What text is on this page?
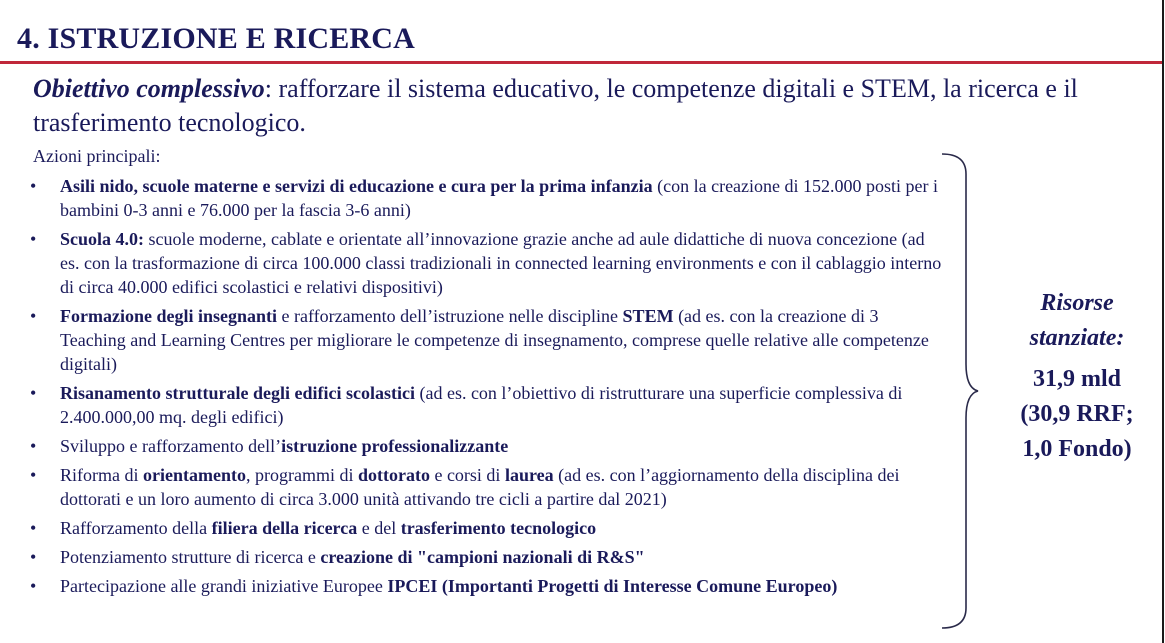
4. ISTRUZIONE E RICERCA
Obiettivo complessivo: rafforzare il sistema educativo, le competenze digitali e STEM, la ricerca e il trasferimento tecnologico.
Azioni principali:
• Asili nido, scuole materne e servizi di educazione e cura per la prima infanzia (con la creazione di 152.000 posti per i bambini 0-3 anni e 76.000 per la fascia 3-6 anni)
• Scuola 4.0: scuole moderne, cablate e orientate all’innovazione grazie anche ad aule didattiche di nuova concezione (ad es. con la trasformazione di circa 100.000 classi tradizionali in connected learning environments e con il cablaggio interno di circa 40.000 edifici scolastici e relativi dispositivi)
• Formazione degli insegnanti e rafforzamento dell’istruzione nelle discipline STEM (ad es. con la creazione di 3 Teaching and Learning Centres per migliorare le competenze di insegnamento, comprese quelle relative alle competenze digitali)
• Risanamento strutturale degli edifici scolastici (ad es. con l’obiettivo di ristrutturare una superficie complessiva di 2.400.000,00 mq. degli edifici)
• Sviluppo e rafforzamento dell’istruzione professionalizzante
• Riforma di orientamento, programmi di dottorato e corsi di laurea (ad es. con l’aggiornamento della disciplina dei dottorati e un loro aumento di circa 3.000 unità attivando tre cicli a partire dal 2021)
• Rafforzamento della filiera della ricerca e del trasferimento tecnologico
• Potenziamento strutture di ricerca e creazione di "campioni nazionali di R&S"
• Partecipazione alle grandi iniziative Europee IPCEI (Importanti Progetti di Interesse Comune Europeo)
Risorse
stanziate:
31,9 mld
(30,9 RRF;
1,0 Fondo)
